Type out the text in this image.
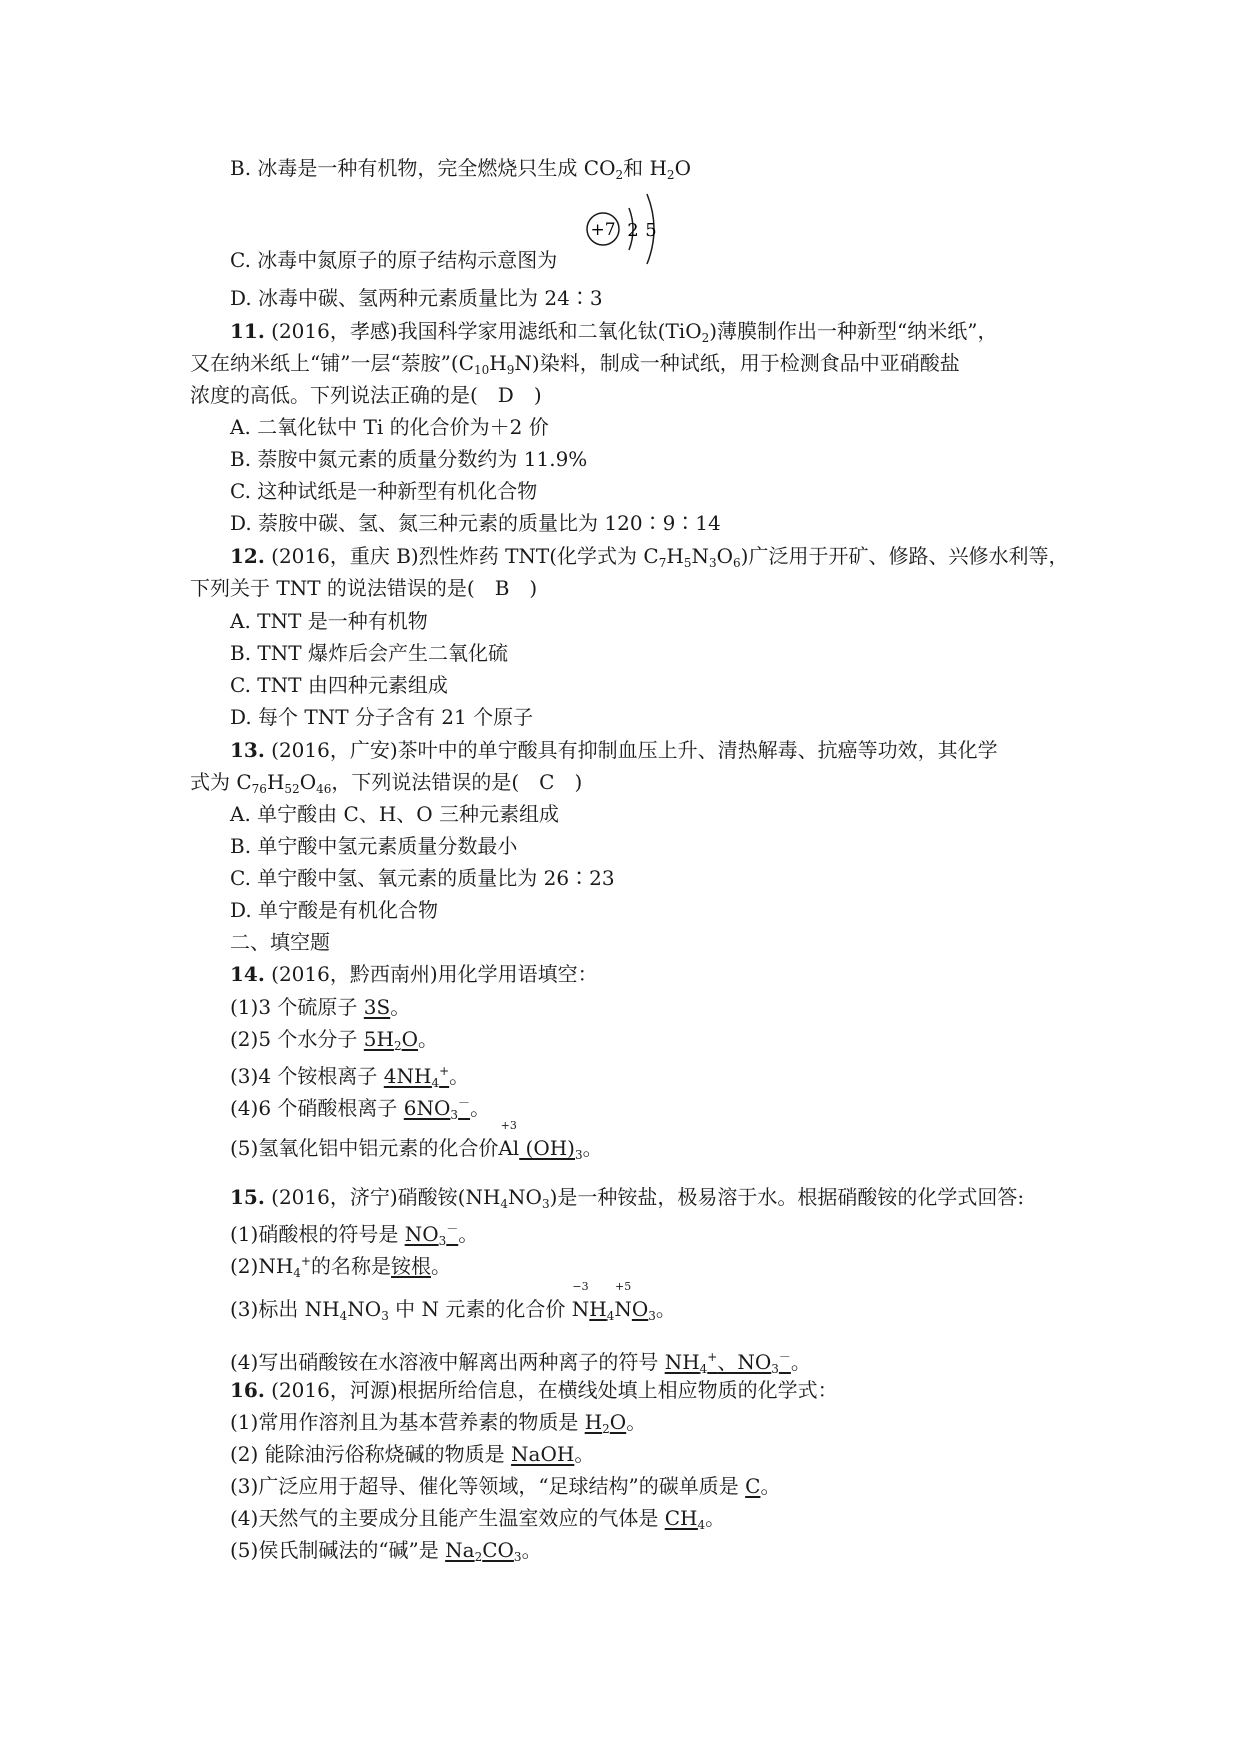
B. 冰毒是一种有机物，完全燃烧只生成 $CO_2$和 $H_2O$
+7 2 5
C. 冰毒中氮原子的原子结构示意图为
D. 冰毒中碳、氢两种元素质量比为 24∶3
11. (2016，孝感)我国科学家用滤纸和二氧化钛(TiO$_2$)薄膜制作出一种新型“纳米纸”，
又在纳米纸上“铺”一层“萘胺$”(C_{10}H_9N)$染料，制成一种试纸，用于检测食品中亚硝酸盐
浓度的高低。下列说法正确的是(　D　)
A. 二氧化钛中 Ti 的化合价为＋2 价
B. 萘胺中氮元素的质量分数约为 11.9%
C. 这种试纸是一种新型有机化合物
D. 萘胺中碳、氢、氮三种元素的质量比为 120∶9∶14
12. (2016，重庆 B)烈性炸药 TNT(化学式为 $C_7H_5N_3O_6$)广泛用于开矿、修路、兴修水利等，
下列关于 TNT 的说法错误的是(　B　)
A. TNT 是一种有机物
B. TNT 爆炸后会产生二氧化硫
C. TNT 由四种元素组成
D. 每个 TNT 分子含有 21 个原子
13. (2016，广安)茶叶中的单宁酸具有抑制血压上升、清热解毒、抗癌等功效，其化学
式为 $C_{76}H_{52}O_{46}$，下列说法错误的是(　C　)
A. 单宁酸由 C、H、O 三种元素组成
B. 单宁酸中氢元素质量分数最小
C. 单宁酸中氢、氧元素的质量比为 26∶23
D. 单宁酸是有机化合物
二、填空题
14. (2016，黔西南州)用化学用语填空：
(1)3 个硫原子 3S。
(2)5 个水分子 $5H_2O$。
(3)4 个铵根离子 $4NH_4^+$。
(4)6 个硝酸根离子 $6NO_3^-$。
(5)氢氧化铝中铝元素的化合价
+3
Al $(OH)_3$。
15. (2016，济宁)硝酸铵$(NH_4NO_3)$是一种铵盐，极易溶于水。根据硝酸铵的化学式回答:
(1)硝酸根的符号是 $NO_3^-$。
$(2)NH_4^+$的名称是铵根。
(3)标出 $NH_4NO_3$ 中 N 元素的化合价
−3
$NH_4$
+5
$NO_3$。
(4)写出硝酸铵在水溶液中解离出两种离子的符号 $NH_4^+$、$NO_3^-$。
16. (2016，河源)根据所给信息，在横线处填上相应物质的化学式：
(1)常用作溶剂且为基本营养素的物质是 $H_2O$。
(2) 能除油污俗称烧碱的物质是 NaOH。
(3)广泛应用于超导、催化等领域，“足球结构”的碳单质是 C。
(4)天然气的主要成分且能产生温室效应的气体是 $CH_4$。
(5)侯氏制碱法的“碱”是 $Na_2CO_3$。
